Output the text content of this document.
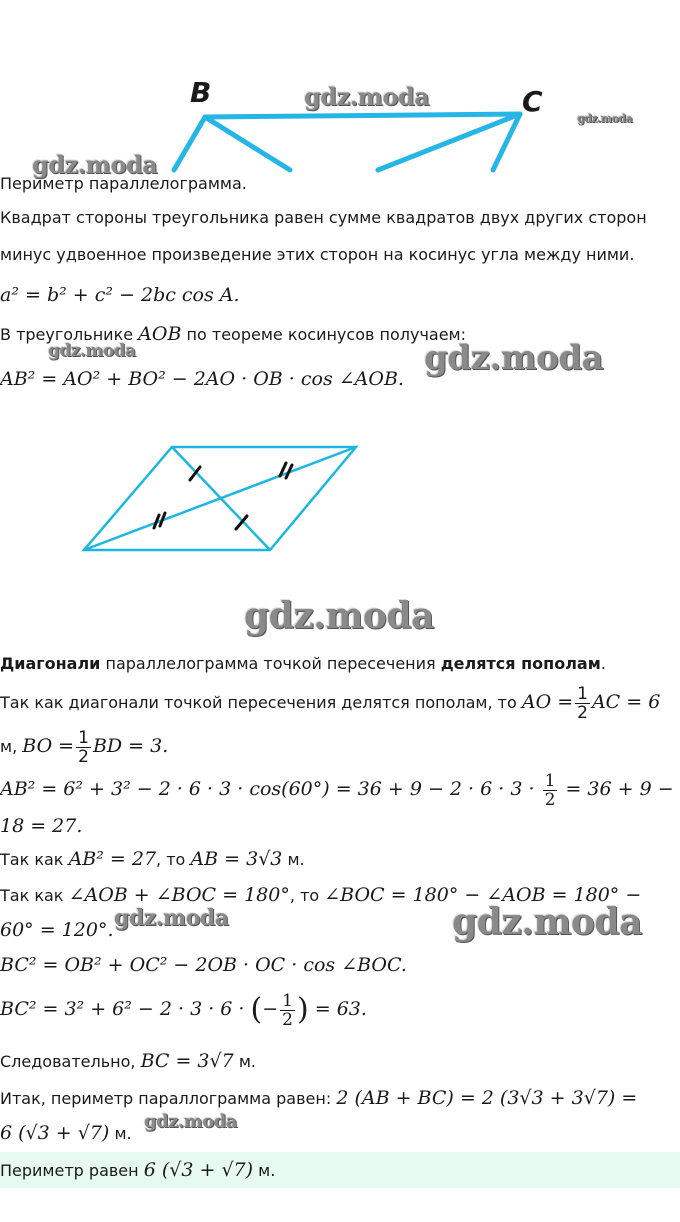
B	C
gdz.moda
gdz.moda
gdz.moda
gdz.moda	gdz.moda
gdz.moda
gdz.moda	gdz.moda
gdz.moda
Периметр параллелограмма.
Квадрат стороны треугольника равен сумме квадратов двух других сторон
минус удвоенное произведение этих сторон на косинус угла между ними.
a² = b² + c² − 2bc cos A.
В треугольнике AOB по теореме косинусов получаем:
AB² = AO² + BO² − 2AO · OB · cos ∠AOB.
Диагонали параллелограмма точкой пересечения делятся пополам.
Так как диагонали точкой пересечения делятся пополам, то AO = $\frac{1}{2}$ AC = 6
м, BO = $\frac{1}{2}$ BD = 3.
$AB^2 = 6^2 + 3^2 - 2 \cdot 6 \cdot 3 \cdot \cos(60^\circ) = 36 + 9 - 2 \cdot 6 \cdot 3 \cdot \frac{1}{2} = 36 + 9$ −
18 = 27.
Так как AB² = 27, то AB = 3√3 м.
Так как ∠AOB + ∠BOC = 180°, то ∠BOC = 180° − ∠AOB = 180° −
60° = 120°.
BC² = OB² + OC² − 2OB · OC · cos ∠BOC.
BC² = 3² + 6² − 2 · 3 · 6 · (− $\frac{1}{2}$ ) = 63.
Следовательно, BC = 3√7 м.
Итак, периметр параллограмма равен: 2 (AB + BC) = 2 (3√3 + 3√7) =
6 (√3 + √7) м.
Периметр равен 6 (√3 + √7) м.
